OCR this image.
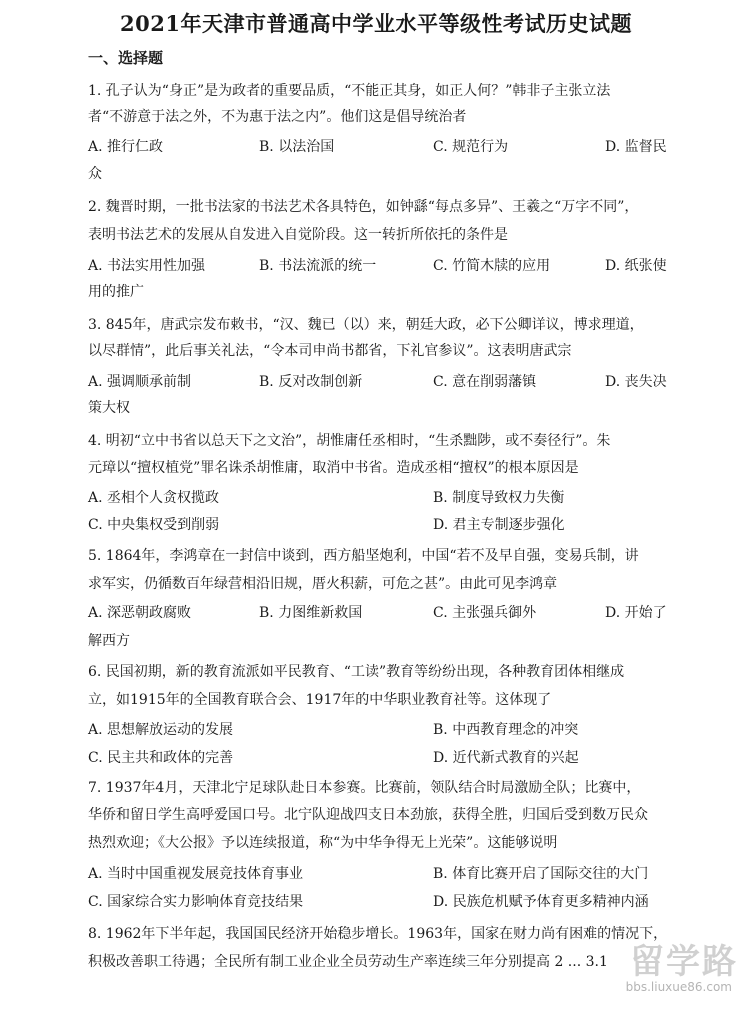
2021年天津市普通高中学业水平等级性考试历史试题
一、选择题
1. 孔子认为“身正”是为政者的重要品质，“不能正其身，如正人何？”韩非子主张立法
者“不游意于法之外，不为惠于法之内”。他们这是倡导统治者
A. 推行仁政	B. 以法治国	C. 规范行为	D. 监督民
众
2. 魏晋时期，一批书法家的书法艺术各具特色，如钟繇“每点多异”、王羲之“万字不同”，
表明书法艺术的发展从自发进入自觉阶段。这一转折所依托的条件是
A. 书法实用性加强	B. 书法流派的统一	C. 竹简木牍的应用	D. 纸张使
用的推广
3. 845年，唐武宗发布敕书，“汉、魏已（以）来，朝廷大政，必下公卿详议，博求理道，
以尽群情”，此后事关礼法，“令本司申尚书都省，下礼官参议”。这表明唐武宗
A. 强调顺承前制	B. 反对改制创新	C. 意在削弱藩镇	D. 丧失决
策大权
4. 明初“立中书省以总天下之文治”，胡惟庸任丞相时，“生杀黜陟，或不奏径行”。朱
元璋以“擅权植党”罪名诛杀胡惟庸，取消中书省。造成丞相“擅权”的根本原因是
A. 丞相个人贪权揽政	B. 制度导致权力失衡
C. 中央集权受到削弱	D. 君主专制逐步强化
5. 1864年，李鸿章在一封信中谈到，西方船坚炮利，中国“若不及早自强，变易兵制，讲
求军实，仍循数百年绿营相沿旧规，厝火积薪，可危之甚”。由此可见李鸿章
A. 深恶朝政腐败	B. 力图维新救国	C. 主张强兵御外	D. 开始了
解西方
6. 民国初期，新的教育流派如平民教育、“工读”教育等纷纷出现，各种教育团体相继成
立，如1915年的全国教育联合会、1917年的中华职业教育社等。这体现了
A. 思想解放运动的发展	B. 中西教育理念的冲突
C. 民主共和政体的完善	D. 近代新式教育的兴起
7. 1937年4月，天津北宁足球队赴日本参赛。比赛前，领队结合时局激励全队；比赛中，
华侨和留日学生高呼爱国口号。北宁队迎战四支日本劲旅，获得全胜，归国后受到数万民众
热烈欢迎；《大公报》予以连续报道，称“为中华争得无上光荣”。这能够说明
A. 当时中国重视发展竞技体育事业	B. 体育比赛开启了国际交往的大门
C. 国家综合实力影响体育竞技结果	D. 民族危机赋予体育更多精神内涵
8. 1962年下半年起，我国国民经济开始稳步增长。1963年，国家在财力尚有困难的情况下，
积极改善职工待遇；全民所有制工业企业全员劳动生产率连续三年分别提高 2 ... 3.1 留学路
bbs.liuxue86.com
